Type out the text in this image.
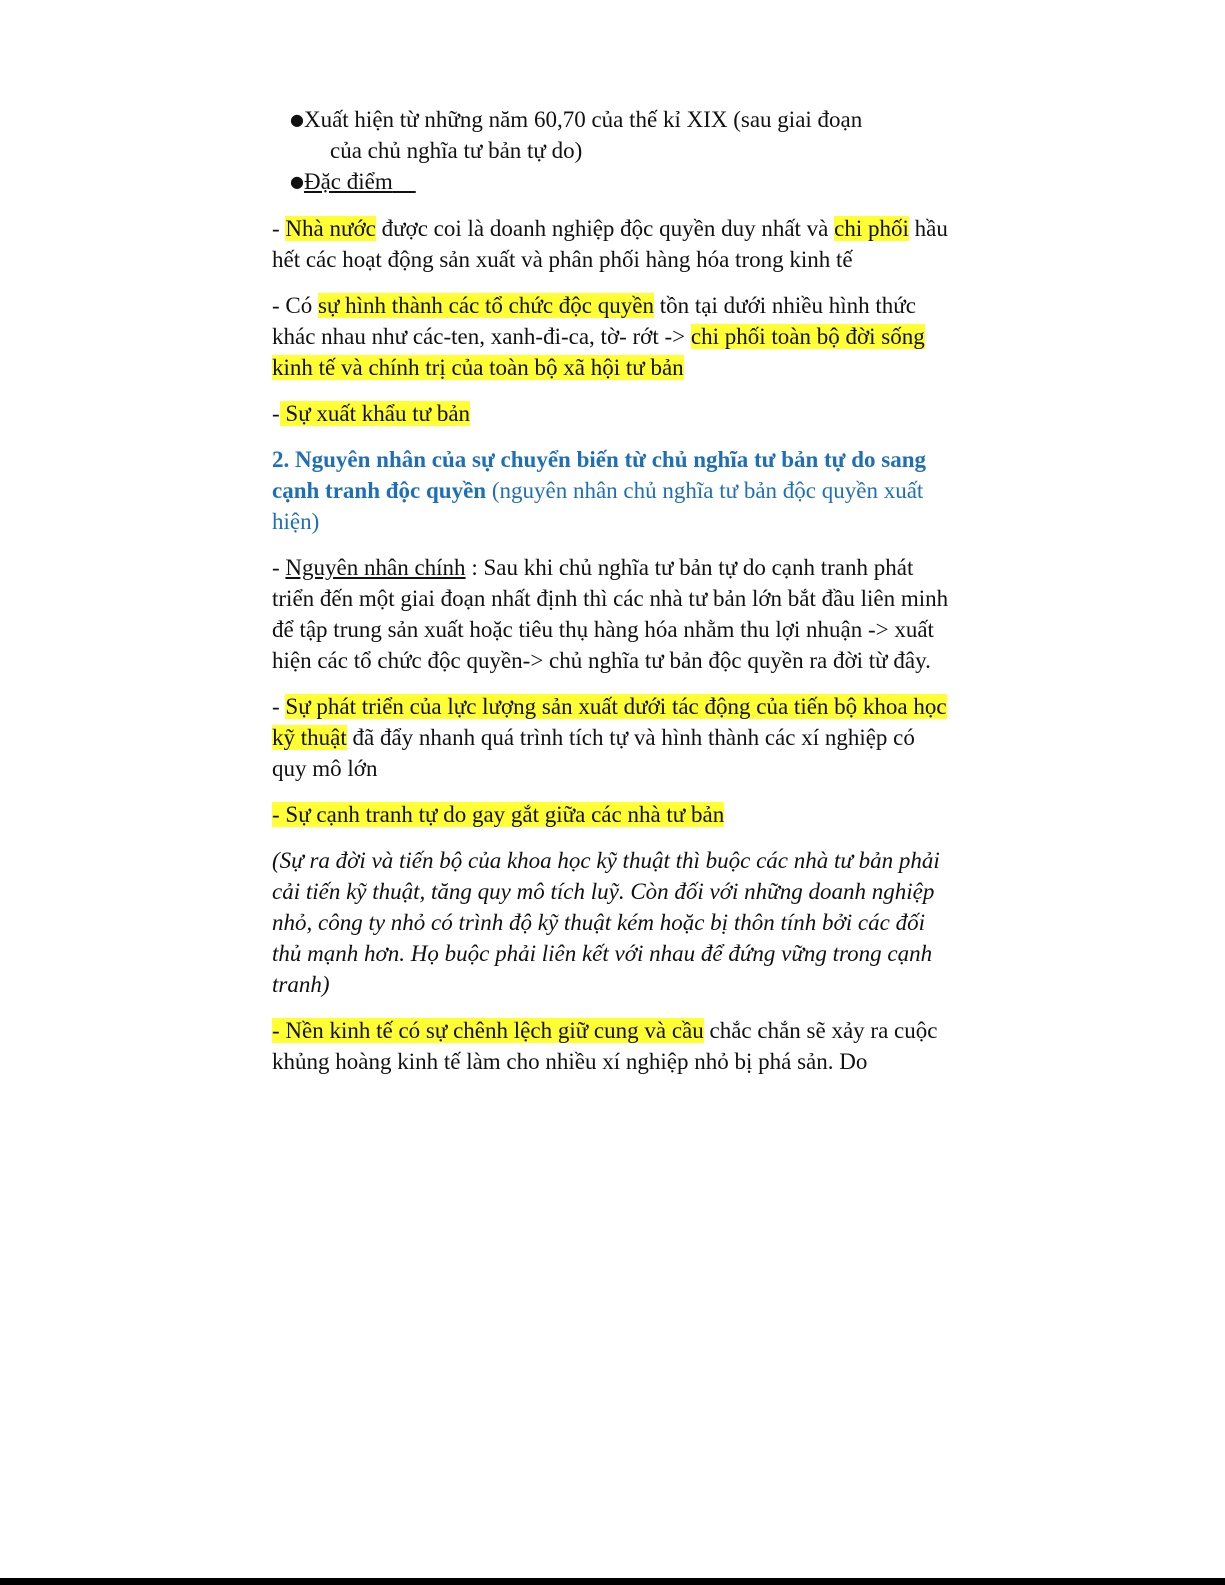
●Xuất hiện từ những năm 60,70 của thế kỉ XIX (sau giai đoạn
của chủ nghĩa tư bản tự do)

●Đặc điểm

- Nhà nước được coi là doanh nghiệp độc quyền duy nhất và chi phối hầu hết các hoạt động sản xuất và phân phối hàng hóa trong kinh tế

- Có sự hình thành các tổ chức độc quyền tồn tại dưới nhiều hình thức khác nhau như các-ten, xanh-đi-ca, tờ- rớt -> chi phối toàn bộ đời sống kinh tế và chính trị của toàn bộ xã hội tư bản

- Sự xuất khẩu tư bản

2. Nguyên nhân của sự chuyển biến từ chủ nghĩa tư bản tự do sang cạnh tranh độc quyền (nguyên nhân chủ nghĩa tư bản độc quyền xuất hiện)

- Nguyên nhân chính : Sau khi chủ nghĩa tư bản tự do cạnh tranh phát triển đến một giai đoạn nhất định thì các nhà tư bản lớn bắt đầu liên minh để tập trung sản xuất hoặc tiêu thụ hàng hóa nhằm thu lợi nhuận -> xuất hiện các tổ chức độc quyền-> chủ nghĩa tư bản độc quyền ra đời từ đây.

- Sự phát triển của lực lượng sản xuất dưới tác động của tiến bộ khoa học kỹ thuật đã đẩy nhanh quá trình tích tự và hình thành các xí nghiệp có quy mô lớn

- Sự cạnh tranh tự do gay gắt giữa các nhà tư bản

(Sự ra đời và tiến bộ của khoa học kỹ thuật thì buộc các nhà tư bản phải cải tiến kỹ thuật, tăng quy mô tích luỹ. Còn đối với những doanh nghiệp nhỏ, công ty nhỏ có trình độ kỹ thuật kém hoặc bị thôn tính bởi các đối thủ mạnh hơn. Họ buộc phải liên kết với nhau để đứng vững trong cạnh tranh)

- Nền kinh tế có sự chênh lệch giữ cung và cầu chắc chắn sẽ xảy ra cuộc khủng hoàng kinh tế làm cho nhiều xí nghiệp nhỏ bị phá sản. Do
